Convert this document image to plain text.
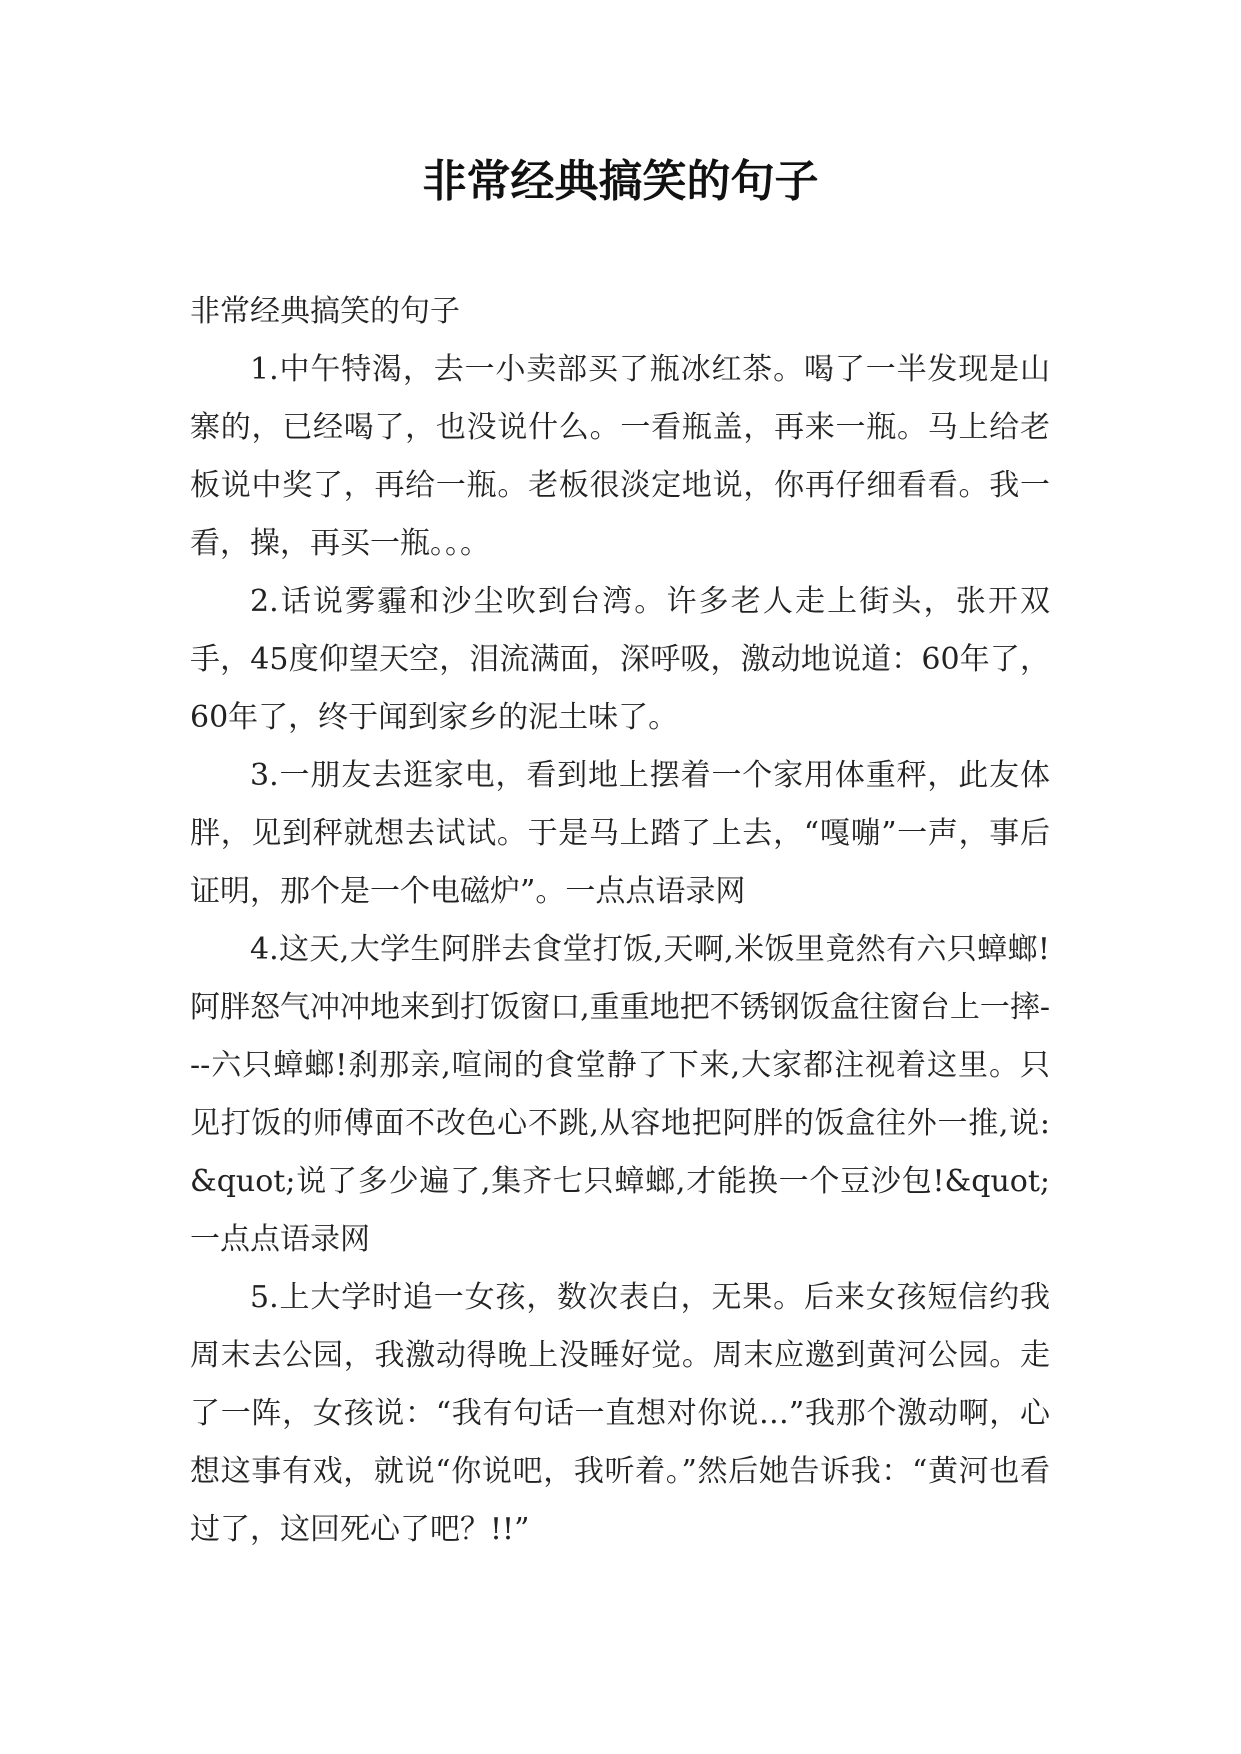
非常经典搞笑的句子

非常经典搞笑的句子

1.中午特渴，去一小卖部买了瓶冰红茶。喝了一半发现是山寨的，已经喝了，也没说什么。一看瓶盖，再来一瓶。马上给老板说中奖了，再给一瓶。老板很淡定地说，你再仔细看看。我一看，操，再买一瓶。。。

2.话说雾霾和沙尘吹到台湾。许多老人走上街头，张开双手，45度仰望天空，泪流满面，深呼吸，激动地说道：60年了，60年了，终于闻到家乡的泥土味了。

3.一朋友去逛家电，看到地上摆着一个家用体重秤，此友体胖，见到秤就想去试试。于是马上踏了上去，“嘎嘣”一声，事后证明，那个是一个电磁炉”。一点点语录网

4.这天,大学生阿胖去食堂打饭,天啊,米饭里竟然有六只蟑螂!阿胖怒气冲冲地来到打饭窗口,重重地把不锈钢饭盒往窗台上一摔---六只蟑螂!刹那亲,喧闹的食堂静了下来,大家都注视着这里。只见打饭的师傅面不改色心不跳,从容地把阿胖的饭盒往外一推,说:&quot;说了多少遍了,集齐七只蟑螂,才能换一个豆沙包!&quot;一点点语录网

5.上大学时追一女孩，数次表白，无果。后来女孩短信约我周末去公园，我激动得晚上没睡好觉。周末应邀到黄河公园。走了一阵，女孩说：“我有句话一直想对你说…”我那个激动啊，心想这事有戏，就说“你说吧，我听着。”然后她告诉我：“黄河也看过了，这回死心了吧？!!”
